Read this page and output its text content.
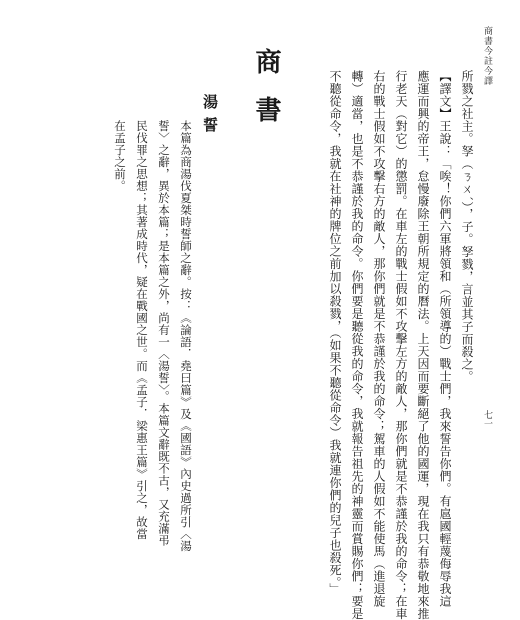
商書今註今譯
七一
所戮之社主。孥（ㄋㄨˊ），子。孥戮，言並其子而殺之。
【譯文】王說：「唉！你們六軍將領和（所領導的）戰士們，我來誓告你們。有扈國輕蔑侮辱我這
應運而興的帝王，怠慢廢除王朝所規定的曆法。上天因而要斷絕了他的國運，現在我只有恭敬地來推
行老天（對它）的懲罰。在車左的戰士假如不攻擊左方的敵人，那你們就是不恭謹於我的命令；在車
右的戰士假如不攻擊右方的敵人，那你們就是不恭謹於我的命令；駕車的人假如不能使馬（進退旋
轉）適當，也是不恭謹於我的命令。你們要是聽從我的命令，我就報告祖先的神靈而賞賜你們；要是
不聽從命令，我就在社神的牌位之前加以殺戮，（如果不聽從命令）我就連你們的兒子也殺死。」
商書
湯誓
本篇為商湯伐夏桀時誓師之辭。按：《論語．堯曰篇》及《國語》內史過所引〈湯
誓〉之辭，異於本篇；是本篇之外，尚有一〈湯誓〉。本篇文辭既不古，又充滿弔
民伐罪之思想；其著成時代，疑在戰國之世。而《孟子．梁惠王篇》引之，故當
在孟子之前。
